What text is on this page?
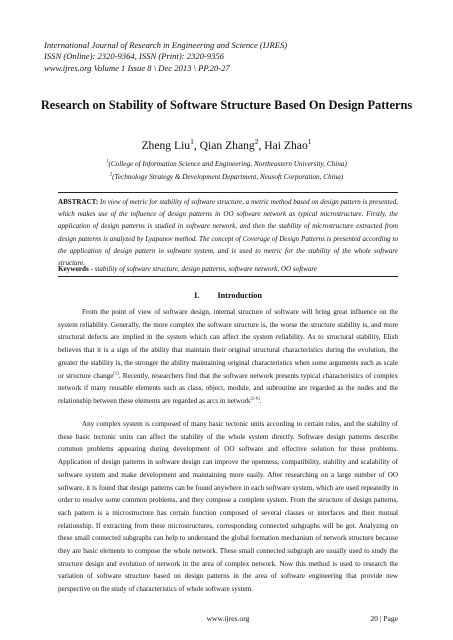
International Journal of Research in Engineering and Science (IJRES)
ISSN (Online): 2320-9364, ISSN (Print): 2320-9356
www.ijres.org Volume 1 Issue 8 \ Dec 2013 \ PP.20-27
Research on Stability of Software Structure Based On Design Patterns
Zheng Liu$^1$, Qian Zhang$^2$, Hai Zhao$^1$
$^1$(College of Information Science and Engineering, Northeastern University, China)
$^2$(Technology Strategy & Development Department, Neusoft Corporation, China)
ABSTRACT: In view of metric for stability of software structure, a metric method based on design pattern is presented, which makes use of the influence of design patterns in OO software network as typical microstructure. Firstly, the application of design patterns is studied in software network, and then the stability of microstructure extracted from design patterns is analyzed by Lyapunov method. The concept of Coverage of Design Patterns is presented according to the application of design pattern in software system, and is used to metric for the stability of the whole software structure.
Keywords - stability of software structure, design patterns, software network, OO software
I. Introduction
From the point of view of software design, internal structure of software will bring great influence on the system reliability. Generally, the more complex the software structure is, the worse the structure stability is, and more structural defects are implied in the system which can affect the system reliability. As to structural stability, Elish believes that it is a sign of the ability that maintain their original structural characteristics during the evolution, the greater the stability is, the stronger the ability maintaining original characteristics when some arguments such as scale or structure change[1]. Recently, researchers find that the software network presents typical characteristics of complex network if many reusable elements such as class, object, module, and subroutine are regarded as the nodes and the relationship between these elements are regarded as arcs in network[2-6].
Any complex system is composed of many basic tectonic units according to certain rules, and the stability of these basic tectonic units can affect the stability of the whole system directly. Software design patterns describe common problems appearing during development of OO software and effective solution for these problems. Application of design patterns in software design can improve the openness, compatibility, stability and scalability of software system and make development and maintaining more easily. After researching on a large number of OO software, it is found that design patterns can be found anywhere in each software system, which are used repeatedly in order to resolve some common problems, and they compose a complete system. From the structure of design patterns, each pattern is a microstructure has certain function composed of several classes or interfaces and their mutual relationship. If extracting from these microstructures, corresponding connected subgraphs will be got. Analyzing on these small connected subgraphs can help to understand the global formation mechanism of network structure because they are basic elements to compose the whole network. These small connected subgraph are usually used to study the structure design and evolution of network in the area of complex network. Now this method is used to research the variation of software structure based on design patterns in the area of software engineering that provide new perspective on the study of characteristics of whole software system.
www.ijres.org	20 | Page
